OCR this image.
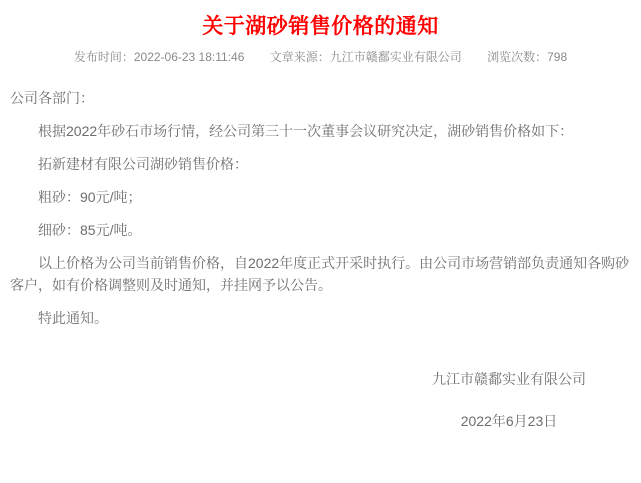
关于湖砂销售价格的通知
发布时间：2022-06-23 18:11:46 文章来源：九江市赣鄱实业有限公司 浏览次数：798

公司各部门：

根据2022年砂石市场行情，经公司第三十一次董事会议研究决定，湖砂销售价格如下：

拓新建材有限公司湖砂销售价格：

粗砂：90元/吨；

细砂：85元/吨。

以上价格为公司当前销售价格，自2022年度正式开采时执行。由公司市场营销部负责通知各购砂客户，如有价格调整则及时通知，并挂网予以公告。

特此通知。

九江市赣鄱实业有限公司
2022年6月23日
